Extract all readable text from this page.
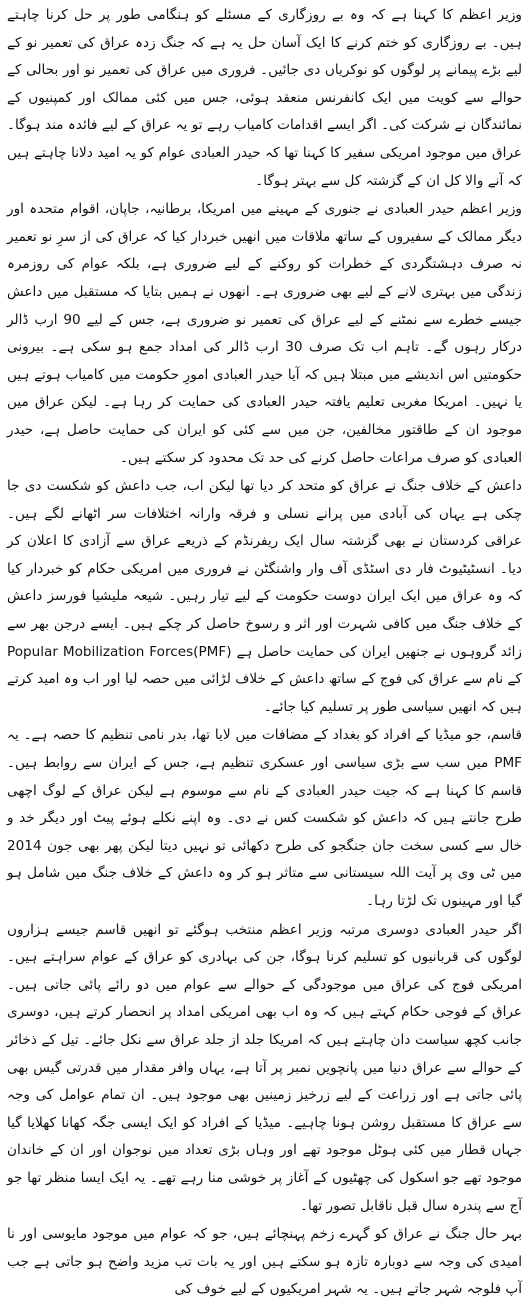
وزیر اعظم کا کہنا ہے کہ وہ بے روزگاری کے مسئلے کو ہنگامی طور پر حل کرنا چاہتے ہیں۔ بے روزگاری کو ختم کرنے کا ایک آسان حل یہ ہے کہ جنگ زدہ عراق کی تعمیر نو کے لیے بڑے پیمانے پر لوگوں کو نوکریاں دی جائیں۔ فروری میں عراق کی تعمیر نو اور بحالی کے حوالے سے کویت میں ایک کانفرنس منعقد ہوئی، جس میں کئی ممالک اور کمپنیوں کے نمائندگان نے شرکت کی۔ اگر ایسے اقدامات کامیاب رہے تو یہ عراق کے لیے فائدہ مند ہوگا۔ عراق میں موجود امریکی سفیر کا کہنا تھا کہ حیدر العبادی عوام کو یہ امید دلانا چاہتے ہیں کہ آنے والا کل ان کے گزشتہ کل سے بہتر ہوگا۔

وزیر اعظم حیدر العبادی نے جنوری کے مہینے میں امریکا، برطانیہ، جاپان، اقوام متحدہ اور دیگر ممالک کے سفیروں کے ساتھ ملاقات میں انھیں خبردار کیا کہ عراق کی از سرِ نو تعمیر نہ صرف دہشتگردی کے خطرات کو روکنے کے لیے ضروری ہے، بلکہ عوام کی روزمرہ زندگی میں بہتری لانے کے لیے بھی ضروری ہے۔ انھوں نے ہمیں بتایا کہ مستقبل میں داعش جیسے خطرے سے نمٹنے کے لیے عراق کی تعمیر نو ضروری ہے، جس کے لیے 90 ارب ڈالر درکار رہوں گے۔ تاہم اب تک صرف 30 ارب ڈالر کی امداد جمع ہو سکی ہے۔ بیرونی حکومتیں اس اندیشے میں مبتلا ہیں کہ آیا حیدر العبادی امورِ حکومت میں کامیاب ہوتے ہیں یا نہیں۔ امریکا مغربی تعلیم یافتہ حیدر العبادی کی حمایت کر رہا ہے۔ لیکن عراق میں موجود ان کے طاقتور مخالفین، جن میں سے کئی کو ایران کی حمایت حاصل ہے، حیدر العبادی کو صرف مراعات حاصل کرنے کی حد تک محدود کر سکتے ہیں۔

داعش کے خلاف جنگ نے عراق کو متحد کر دیا تھا لیکن اب، جب داعش کو شکست دی جا چکی ہے یہاں کی آبادی میں پرانے نسلی و فرقہ وارانہ اختلافات سر اٹھانے لگے ہیں۔ عراقی کردستان نے بھی گزشتہ سال ایک ریفرنڈم کے ذریعے عراق سے آزادی کا اعلان کر دیا۔ انسٹیٹیوٹ فار دی اسٹڈی آف وار واشنگٹن نے فروری میں امریکی حکام کو خبردار کیا کہ وہ عراق میں ایک ایران دوست حکومت کے لیے تیار رہیں۔ شیعہ ملیشیا فورسز داعش کے خلاف جنگ میں کافی شہرت اور اثر و رسوخ حاصل کر چکے ہیں۔ ایسے درجن بھر سے زائد گروہوں نے جنھیں ایران کی حمایت حاصل ہے Popular Mobilization Forces(PMF) کے نام سے عراق کی فوج کے ساتھ داعش کے خلاف لڑائی میں حصہ لیا اور اب وہ امید کرتے ہیں کہ انھیں سیاسی طور پر تسلیم کیا جائے۔

قاسم، جو میڈیا کے افراد کو بغداد کے مضافات میں لایا تھا، بدر نامی تنظیم کا حصہ ہے۔ یہ PMF میں سب سے بڑی سیاسی اور عسکری تنظیم ہے، جس کے ایران سے روابط ہیں۔ قاسم کا کہنا ہے کہ جیت حیدر العبادی کے نام سے موسوم ہے لیکن عراق کے لوگ اچھی طرح جانتے ہیں کہ داعش کو شکست کس نے دی۔ وہ اپنے نکلے ہوئے پیٹ اور دیگر خد و خال سے کسی سخت جان جنگجو کی طرح دکھائی تو نہیں دیتا لیکن پھر بھی جون 2014 میں ٹی وی پر آیت اللہ سیستانی سے متاثر ہو کر وہ داعش کے خلاف جنگ میں شامل ہو گیا اور مہینوں تک لڑتا رہا۔

اگر حیدر العبادی دوسری مرتبہ وزیر اعظم منتخب ہوگئے تو انھیں قاسم جیسے ہزاروں لوگوں کی قربانیوں کو تسلیم کرنا ہوگا، جن کی بہادری کو عراق کے عوام سراہتے ہیں۔ امریکی فوج کی عراق میں موجودگی کے حوالے سے عوام میں دو رائے پائی جاتی ہیں۔ عراق کے فوجی حکام کہتے ہیں کہ وہ اب بھی امریکی امداد پر انحصار کرتے ہیں، دوسری جانب کچھ سیاست دان چاہتے ہیں کہ امریکا جلد از جلد عراق سے نکل جائے۔ تیل کے ذخائر کے حوالے سے عراق دنیا میں پانچویں نمبر پر آتا ہے، یہاں وافر مقدار میں قدرتی گیس بھی پائی جاتی ہے اور زراعت کے لیے زرخیز زمینیں بھی موجود ہیں۔ ان تمام عوامل کی وجہ سے عراق کا مستقبل روشن ہونا چاہیے۔ میڈیا کے افراد کو ایک ایسی جگہ کھانا کھلایا گیا جہاں قطار میں کئی ہوٹل موجود تھے اور وہاں بڑی تعداد میں نوجوان اور ان کے خاندان موجود تھے جو اسکول کی چھٹیوں کے آغاز پر خوشی منا رہے تھے۔ یہ ایک ایسا منظر تھا جو آج سے پندرہ سال قبل ناقابل تصور تھا۔

بہر حال جنگ نے عراق کو گہرے زخم پہنچائے ہیں، جو کہ عوام میں موجود مایوسی اور نا امیدی کی وجہ سے دوبارہ تازہ ہو سکتے ہیں اور یہ بات تب مزید واضح ہو جاتی ہے جب آپ فلوجہ شہر جاتے ہیں۔ یہ شہر امریکیوں کے لیے خوف کی
